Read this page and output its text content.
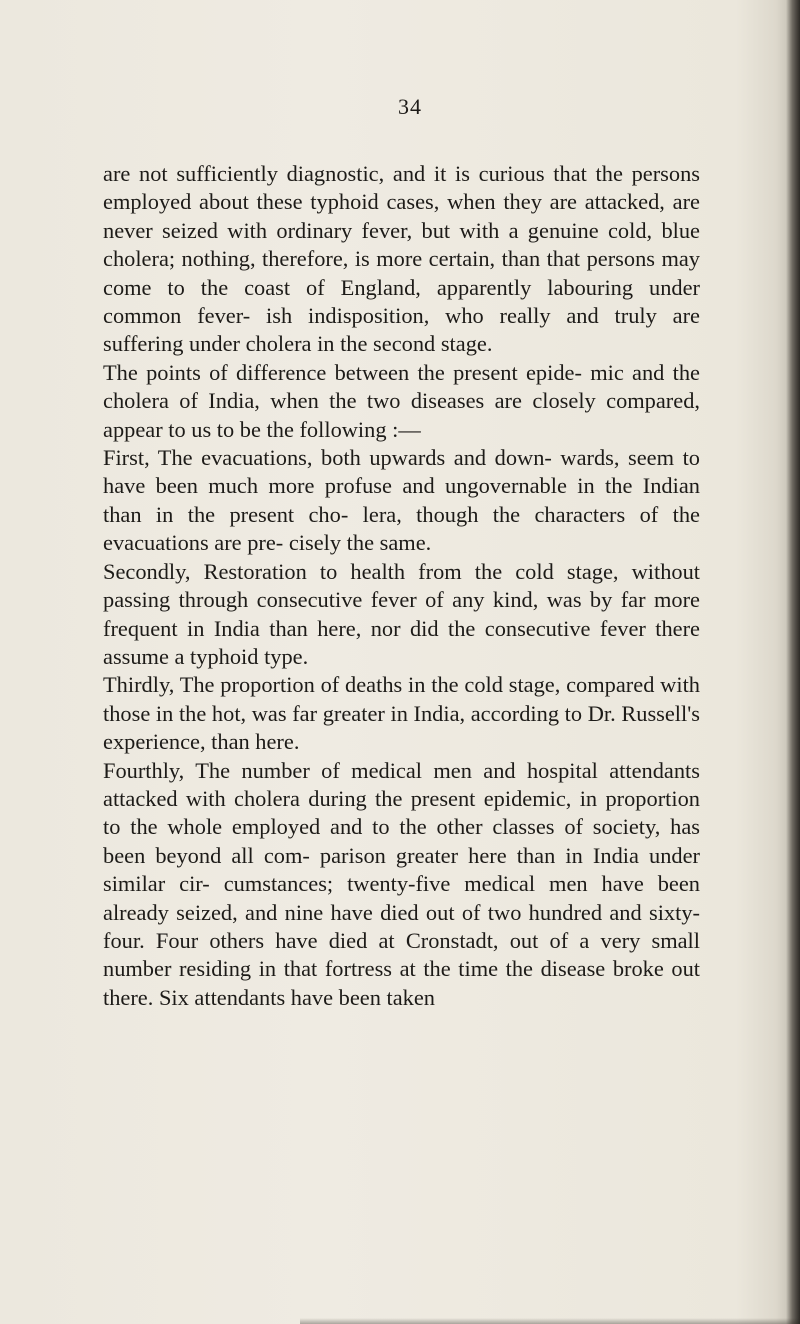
34

are not sufficiently diagnostic, and it is curious that the persons employed about these typhoid cases, when they are attacked, are never seized with ordinary fever, but with a genuine cold, blue cholera; nothing, therefore, is more certain, than that persons may come to the coast of England, apparently labouring under common fever- ish indisposition, who really and truly are suffering under cholera in the second stage.

The points of difference between the present epide- mic and the cholera of India, when the two diseases are closely compared, appear to us to be the following :—

First, The evacuations, both upwards and down- wards, seem to have been much more profuse and ungovernable in the Indian than in the present cho- lera, though the characters of the evacuations are pre- cisely the same.

Secondly, Restoration to health from the cold stage, without passing through consecutive fever of any kind, was by far more frequent in India than here, nor did the consecutive fever there assume a typhoid type.

Thirdly, The proportion of deaths in the cold stage, compared with those in the hot, was far greater in India, according to Dr. Russell's experience, than here.

Fourthly, The number of medical men and hospital attendants attacked with cholera during the present epidemic, in proportion to the whole employed and to the other classes of society, has been beyond all com- parison greater here than in India under similar cir- cumstances; twenty-five medical men have been already seized, and nine have died out of two hundred and sixty- four. Four others have died at Cronstadt, out of a very small number residing in that fortress at the time the disease broke out there. Six attendants have been taken
